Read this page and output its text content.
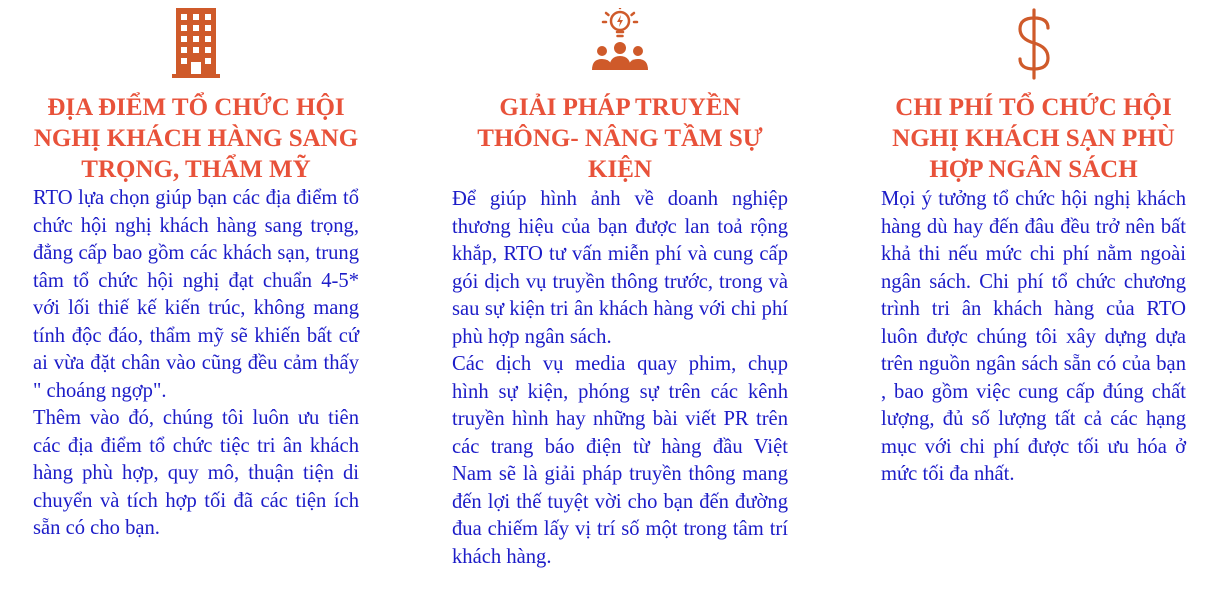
ĐỊA ĐIỂM TỔ CHỨC HỘI NGHỊ KHÁCH HÀNG SANG TRỌNG, THẨM MỸ

RTO lựa chọn giúp bạn các địa điểm tổ chức hội nghị khách hàng sang trọng, đẳng cấp bao gồm các khách sạn, trung tâm tổ chức hội nghị đạt chuẩn 4-5* với lối thiế kế kiến trúc, không mang tính độc đáo, thẩm mỹ sẽ khiến bất cứ ai vừa đặt chân vào cũng đều cảm thấy " choáng ngợp".

Thêm vào đó, chúng tôi luôn ưu tiên các địa điểm tổ chức tiệc tri ân khách hàng phù hợp, quy mô, thuận tiện di chuyển và tích hợp tối đã các tiện ích sẵn có cho bạn.

GIẢI PHÁP TRUYỀN THÔNG- NÂNG TẦM SỰ KIỆN

Để giúp hình ảnh về doanh nghiệp thương hiệu của bạn được lan toả rộng khắp, RTO tư vấn miễn phí và cung cấp gói dịch vụ truyền thông trước, trong và sau sự kiện tri ân khách hàng với chi phí phù hợp ngân sách.

Các dịch vụ media quay phim, chụp hình sự kiện, phóng sự trên các kênh truyền hình hay những bài viết PR trên các trang báo điện từ hàng đầu Việt Nam sẽ là giải pháp truyền thông mang đến lợi thế tuyệt vời cho bạn đến đường đua chiếm lấy vị trí số một trong tâm trí khách hàng.

CHI PHÍ TỔ CHỨC HỘI NGHỊ KHÁCH SẠN PHÙ HỢP NGÂN SÁCH

Mọi ý tưởng tổ chức hội nghị khách hàng dù hay đến đâu đều trở nên bất khả thi nếu mức chi phí nằm ngoài ngân sách. Chi phí tổ chức chương trình tri ân khách hàng của RTO luôn được chúng tôi xây dựng dựa trên nguồn ngân sách sẵn có của bạn , bao gồm việc cung cấp đúng chất lượng, đủ số lượng tất cả các hạng mục với chi phí được tối ưu hóa ở mức tối đa nhất.
